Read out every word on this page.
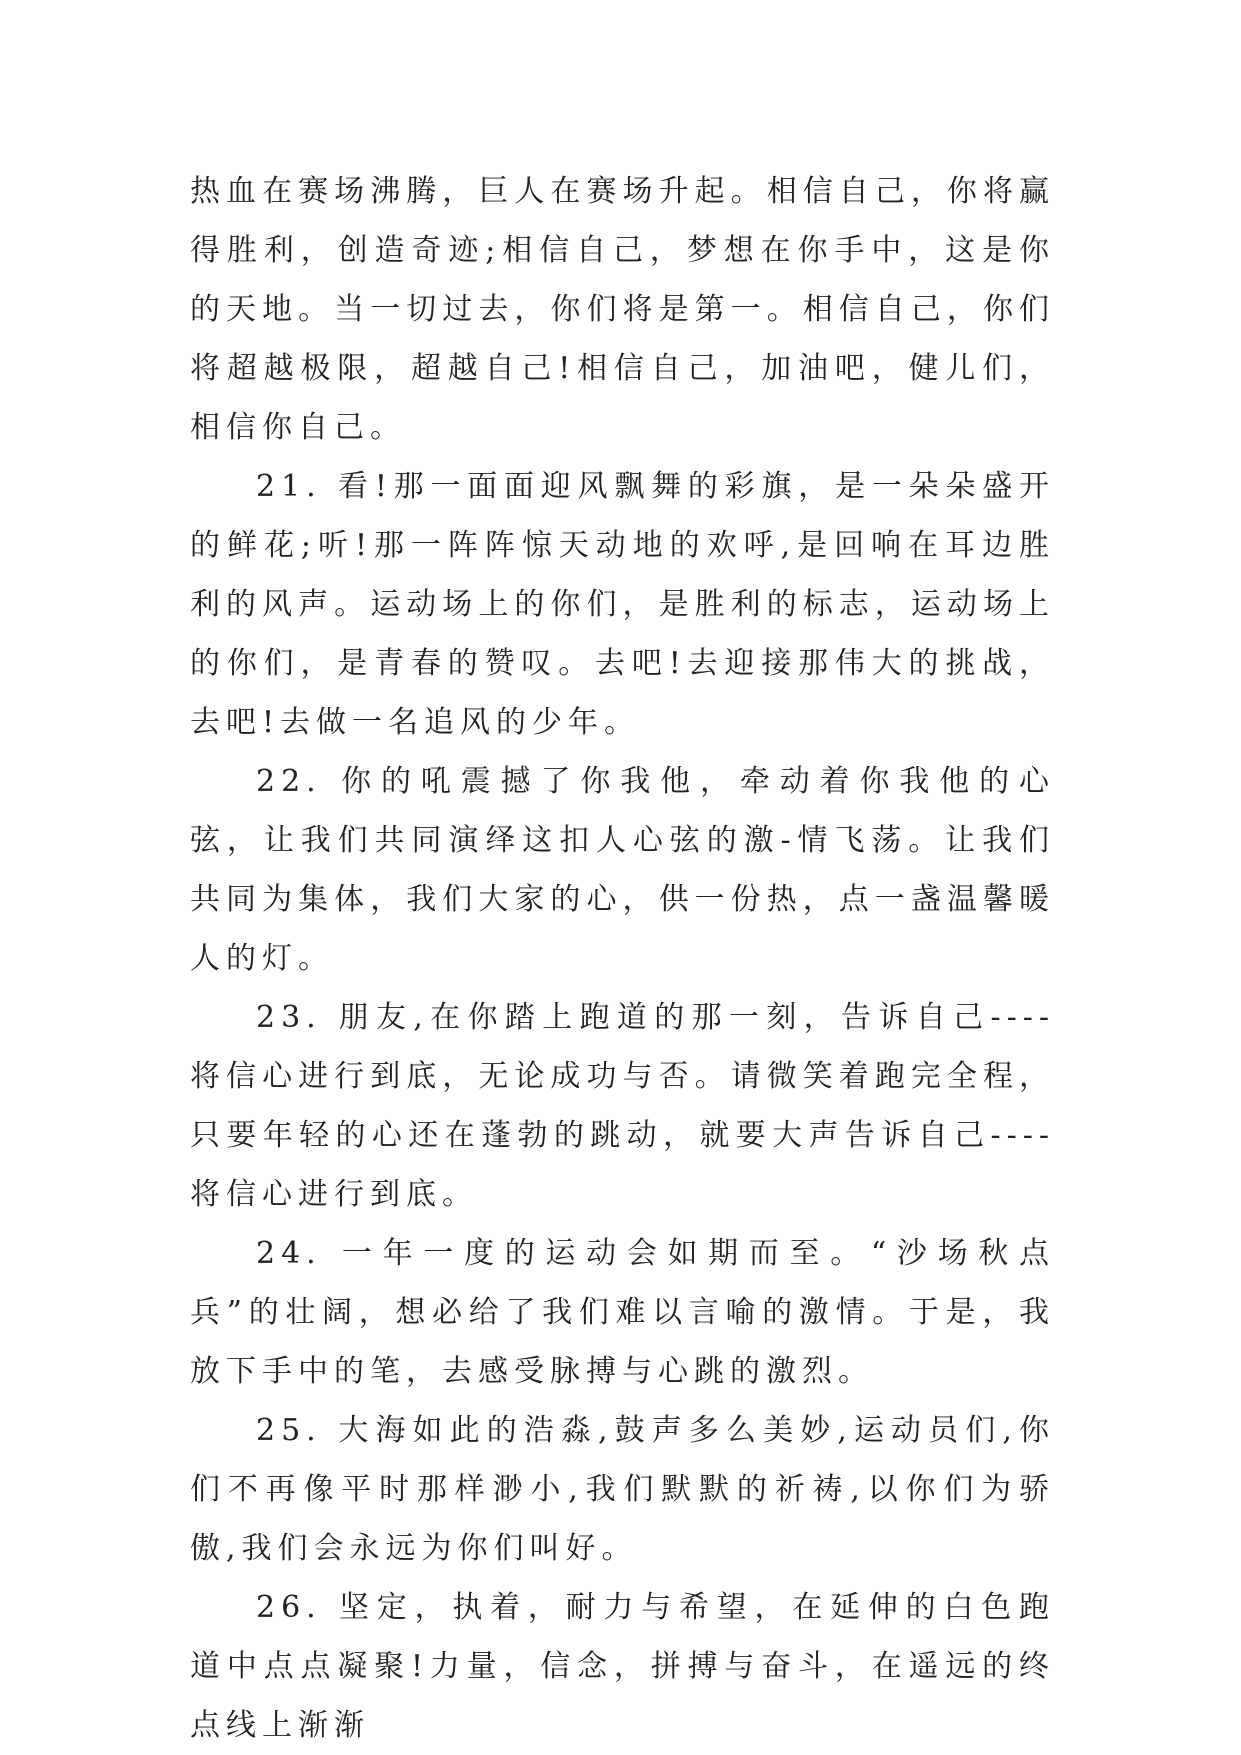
热血在赛场沸腾，巨人在赛场升起。相信自己，你将赢得胜利，创造奇迹;相信自己，梦想在你手中，这是你的天地。当一切过去，你们将是第一。相信自己，你们将超越极限，超越自己!相信自己，加油吧，健儿们，相信你自己。

21. 看!那一面面迎风飘舞的彩旗，是一朵朵盛开的鲜花;听!那一阵阵惊天动地的欢呼,是回响在耳边胜利的风声。运动场上的你们，是胜利的标志，运动场上的你们，是青春的赞叹。去吧!去迎接那伟大的挑战，去吧!去做一名追风的少年。

22. 你的吼震撼了你我他，牵动着你我他的心弦，让我们共同演绎这扣人心弦的激-情飞荡。让我们共同为集体，我们大家的心，供一份热，点一盏温馨暖人的灯。

23. 朋友,在你踏上跑道的那一刻，告诉自己----将信心进行到底，无论成功与否。请微笑着跑完全程，只要年轻的心还在蓬勃的跳动，就要大声告诉自己----将信心进行到底。

24. 一年一度的运动会如期而至。“沙场秋点兵”的壮阔，想必给了我们难以言喻的激情。于是，我放下手中的笔，去感受脉搏与心跳的激烈。

25. 大海如此的浩淼,鼓声多么美妙,运动员们,你们不再像平时那样渺小,我们默默的祈祷,以你们为骄傲,我们会永远为你们叫好。

26. 坚定，执着，耐力与希望，在延伸的白色跑道中点点凝聚!力量，信念，拼搏与奋斗，在遥远的终点线上渐渐
